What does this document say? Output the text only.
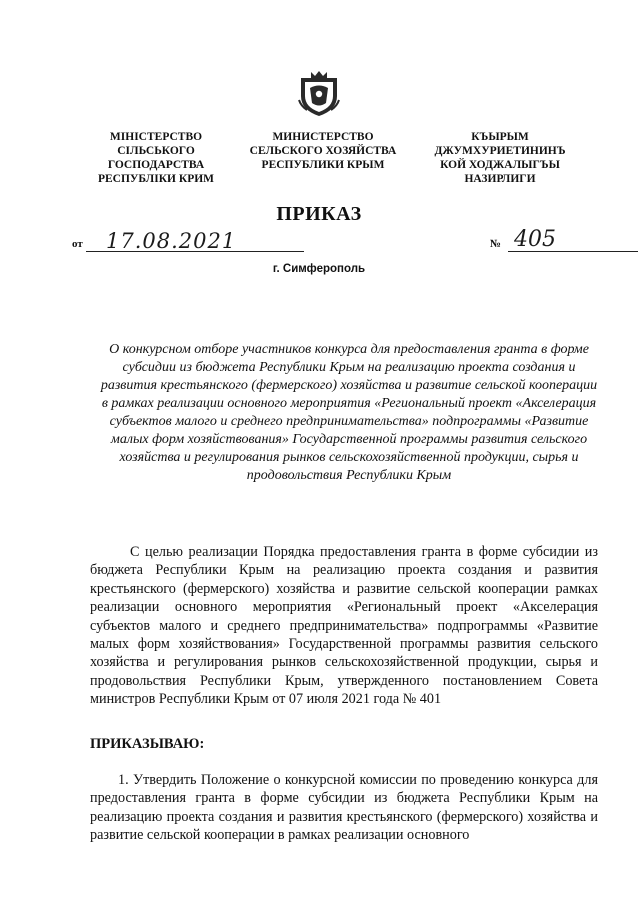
МІНІСТЕРСТВО
СІЛЬСЬКОГО
ГОСПОДАРСТВА
РЕСПУБЛІКИ КРИМ
МИНИСТЕРСТВО
СЕЛЬСКОГО ХОЗЯЙСТВА
РЕСПУБЛИКИ КРЫМ
КЪЫРЫМ
ДЖУМХУРИЕТИНИНЪ
КОЙ ХОДЖАЛЫГЪЫ
НАЗИРЛИГИ
ПРИКАЗ
от 17.08.2021	№ 405
г. Симферополь
О конкурсном отборе участников конкурса для предоставления гранта в форме субсидии из бюджета Республики Крым на реализацию проекта создания и развития крестьянского (фермерского) хозяйства и развитие сельской кооперации в рамках реализации основного мероприятия «Региональный проект «Акселерация субъектов малого и среднего предпринимательства» подпрограммы «Развитие малых форм хозяйствования» Государственной программы развития сельского хозяйства и регулирования рынков сельскохозяйственной продукции, сырья и продовольствия Республики Крым
С целью реализации Порядка предоставления гранта в форме субсидии из бюджета Республики Крым на реализацию проекта создания и развития крестьянского (фермерского) хозяйства и развитие сельской кооперации рамках реализации основного мероприятия «Региональный проект «Акселерация субъектов малого и среднего предпринимательства» подпрограммы «Развитие малых форм хозяйствования» Государственной программы развития сельского хозяйства и регулирования рынков сельскохозяйственной продукции, сырья и продовольствия Республики Крым, утвержденного постановлением Совета министров Республики Крым от 07 июля 2021 года № 401
ПРИКАЗЫВАЮ:
1. Утвердить Положение о конкурсной комиссии по проведению конкурса для предоставления гранта в форме субсидии из бюджета Республики Крым на реализацию проекта создания и развития крестьянского (фермерского) хозяйства и развитие сельской кооперации в рамках реализации основного
